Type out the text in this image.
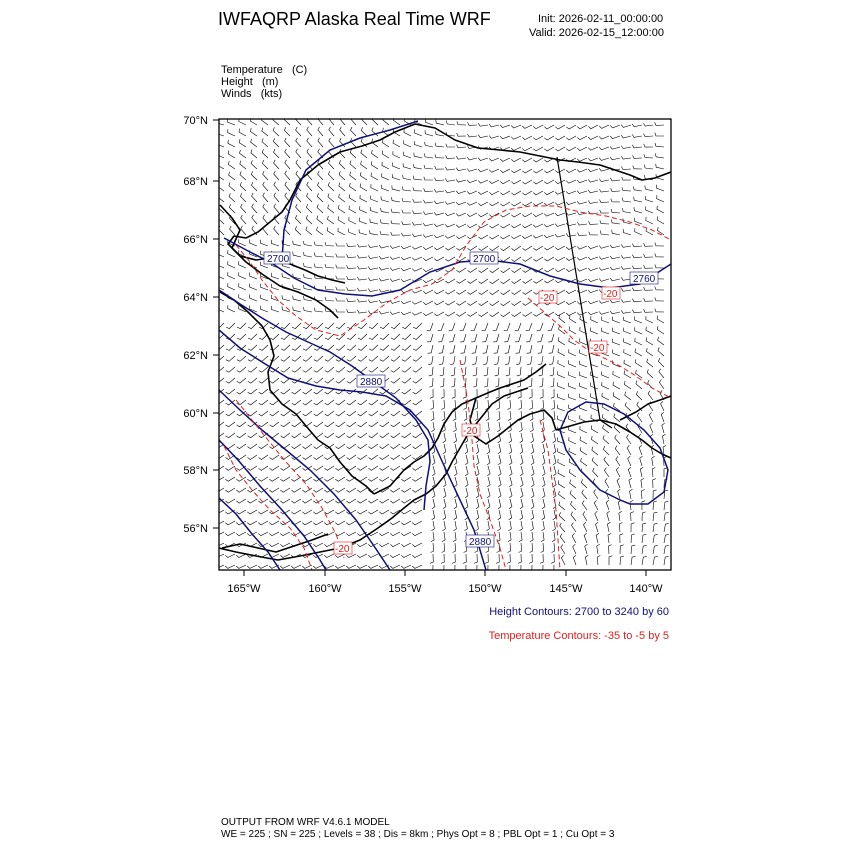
IWFAQRP Alaska Real Time WRF	Init: 2026-02-11_00:00:00
Valid: 2026-02-15_12:00:00
Temperature (C)
Height (m)
Winds (kts)
2700	2700
2760
2880
2880
-20	-20
-20
-20
-20
70°N
68°N
66°N
64°N
62°N
60°N
58°N
56°N
165°W	160°W	155°W	150°W	145°W	140°W
Height Contours: 2700 to 3240 by 60
Temperature Contours: -35 to -5 by 5
OUTPUT FROM WRF V4.6.1 MODEL
WE = 225 ; SN = 225 ; Levels = 38 ; Dis = 8km ; Phys Opt = 8 ; PBL Opt = 1 ; Cu Opt = 3
